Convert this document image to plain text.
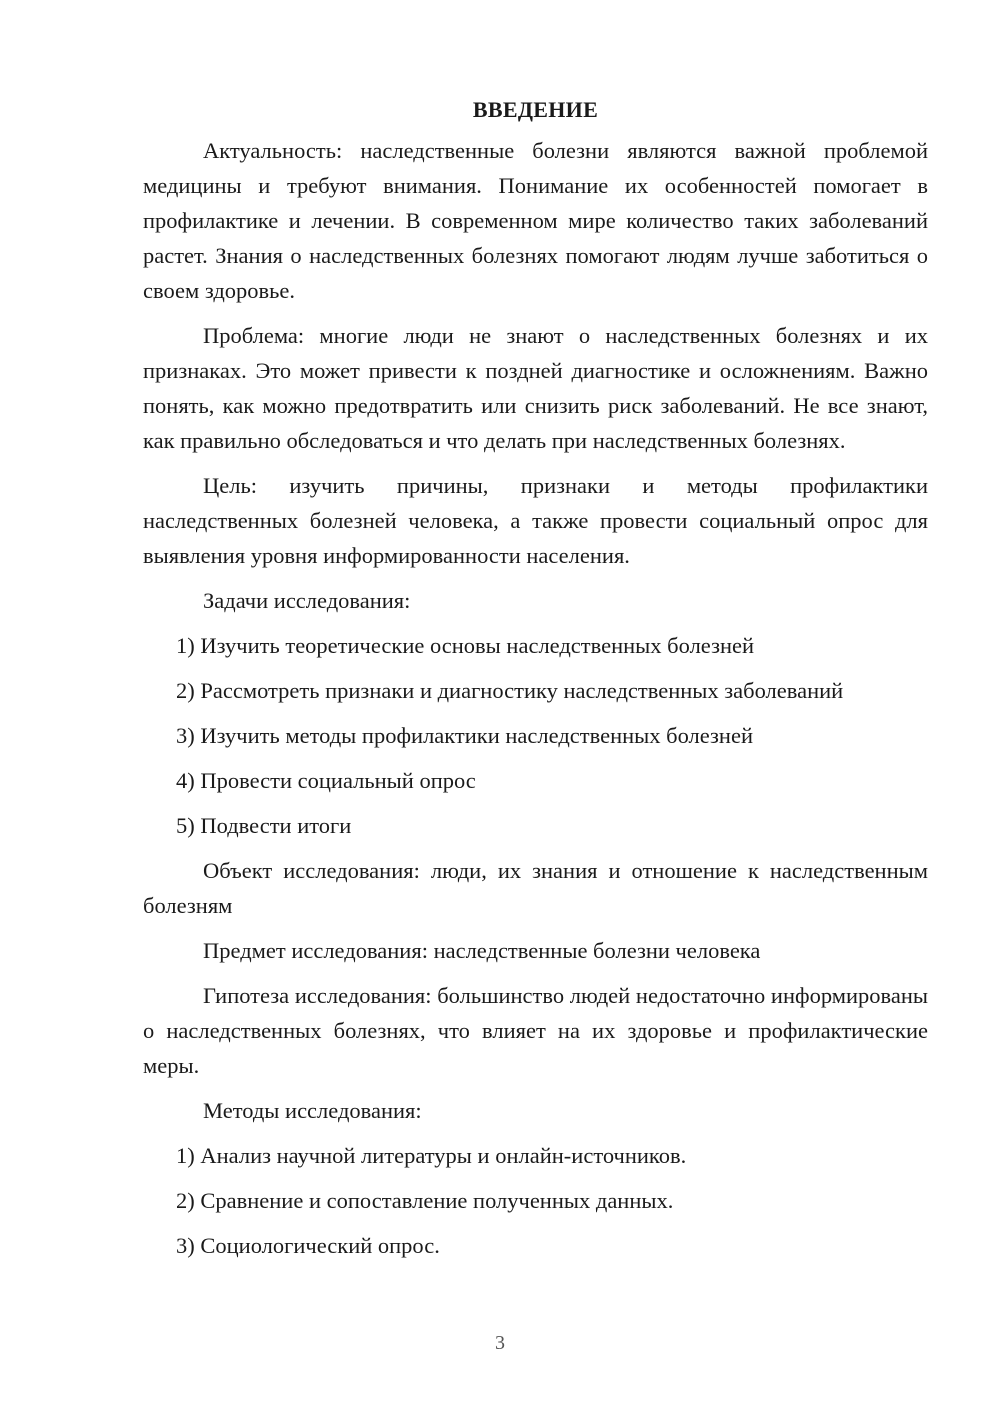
ВВЕДЕНИЕ

Актуальность: наследственные болезни являются важной проблемой медицины и требуют внимания. Понимание их особенностей помогает в профилактике и лечении. В современном мире количество таких заболеваний растет. Знания о наследственных болезнях помогают людям лучше заботиться о своем здоровье.

Проблема: многие люди не знают о наследственных болезнях и их признаках. Это может привести к поздней диагностике и осложнениям. Важно понять, как можно предотвратить или снизить риск заболеваний. Не все знают, как правильно обследоваться и что делать при наследственных болезнях.

Цель: изучить причины, признаки и методы профилактики наследственных болезней человека, а также провести социальный опрос для выявления уровня информированности населения.

Задачи исследования:

1) Изучить теоретические основы наследственных болезней
2) Рассмотреть признаки и диагностику наследственных заболеваний
3) Изучить методы профилактики наследственных болезней
4) Провести социальный опрос
5) Подвести итоги

Объект исследования: люди, их знания и отношение к наследственным болезням

Предмет исследования: наследственные болезни человека

Гипотеза исследования: большинство людей недостаточно информированы о наследственных болезнях, что влияет на их здоровье и профилактические меры.

Методы исследования:

1) Анализ научной литературы и онлайн-источников.
2) Сравнение и сопоставление полученных данных.
3) Социологический опрос.
3
